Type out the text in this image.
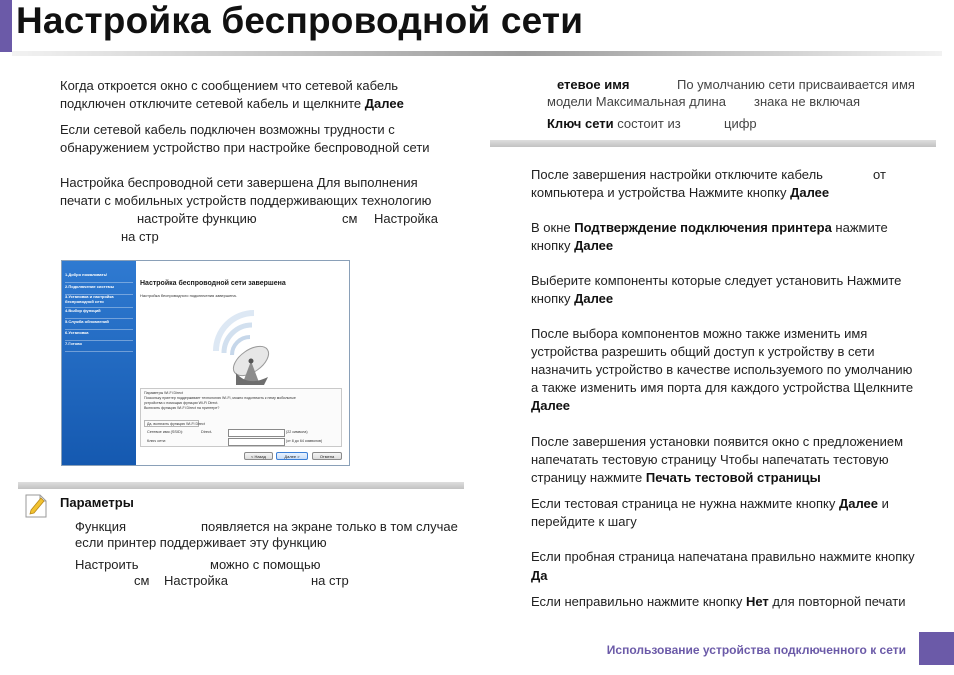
Настройка беспроводной сети

Когда откроется окно с сообщением что сетевой кабель

подключен отключите сетевой кабель и щелкните Далее

Если сетевой кабель подключен возможны трудности с

обнаружением устройство при настройке беспроводной сети

Настройка беспроводной сети завершена Для выполнения

печати с мобильных устройств поддерживающих технологию

настройте функцию	см Настройка

на стр

1.Добро пожаловать!
2.Подключение системы
3.Установка и настройка беспроводной сети
4.Выбор функций
5.Служба обновлений
6.Установка
7.Готово
Настройка беспроводной сети завершена
Настройка беспроводного подключения завершена.
Параметры Wi-Fi Direct
Поскольку принтер поддерживает технологию Wi-Fi, можно подключить к нему мобильные
устройства с помощью функции Wi-Fi Direct.
Включить функцию Wi-Fi Direct на принтере?
Да, включить функцию Wi-Fi Direct
Сетевое имя (SSID):	Direct-	(22 символа)
Ключ сети:	(от 8 до 64 символов)
< Назад	Далее >	Отмена

Параметры

Функция	появляется на экране только в том случае

если принтер поддерживает эту функцию

Настроить	можно с помощью

см Настройка	на стр

етевое имя	По умолчанию сети присваивается имя

модели Максимальная длина знака не включая

Ключ сети состоит из	цифр

После завершения настройки отключите кабель	от

компьютера и устройства Нажмите кнопку Далее

В окне Подтверждение подключения принтера нажмите

кнопку Далее

Выберите компоненты которые следует установить Нажмите

кнопку Далее

После выбора компонентов можно также изменить имя

устройства разрешить общий доступ к устройству в сети

назначить устройство в качестве используемого по умолчанию

а также изменить имя порта для каждого устройства Щелкните

Далее

После завершения установки появится окно с предложением

напечатать тестовую страницу Чтобы напечатать тестовую

страницу нажмите Печать тестовой страницы

Если тестовая страница не нужна нажмите кнопку Далее и

перейдите к шагу

Если пробная страница напечатана правильно нажмите кнопку

Да

Если неправильно нажмите кнопку Нет для повторной печати

Использование устройства подключенного к сети
